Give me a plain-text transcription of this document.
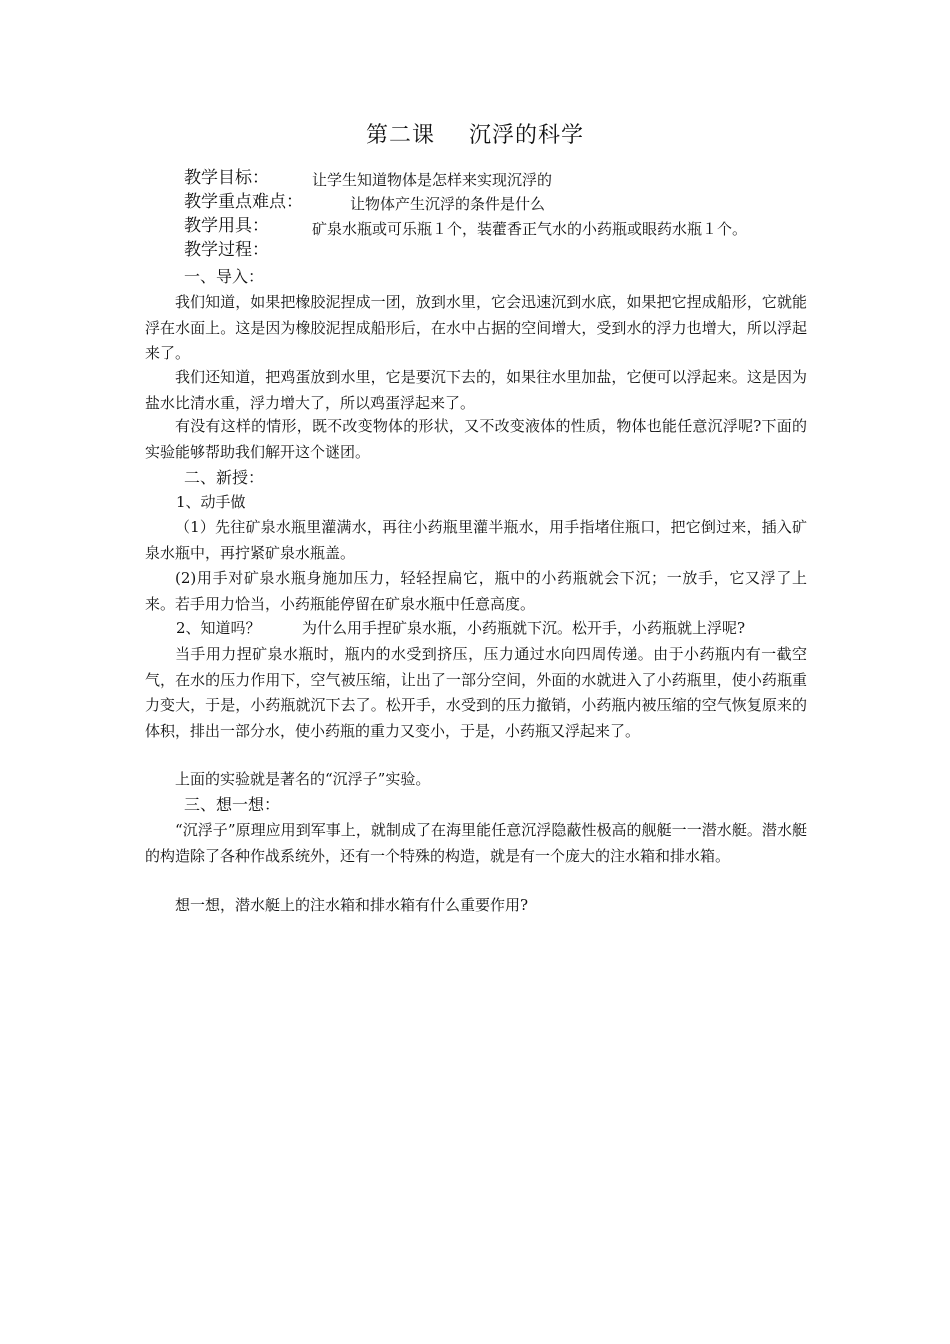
第二课 沉浮的科学
教学目标：	让学生知道物体是怎样来实现沉浮的
教学重点难点：	让物体产生沉浮的条件是什么
教学用具：	矿泉水瓶或可乐瓶１个，装藿香正气水的小药瓶或眼药水瓶１个。
教学过程：
一、导入：

我们知道，如果把橡胶泥捏成一团，放到水里，它会迅速沉到水底，如果把它捏成船形，它就能浮在水面上。这是因为橡胶泥捏成船形后，在水中占据的空间增大，受到水的浮力也增大，所以浮起来了。

我们还知道，把鸡蛋放到水里，它是要沉下去的，如果往水里加盐，它便可以浮起来。这是因为盐水比清水重，浮力增大了，所以鸡蛋浮起来了。

有没有这样的情形，既不改变物体的形状，又不改变液体的性质，物体也能任意沉浮呢?下面的实验能够帮助我们解开这个谜团。

二、新授：
1、动手做

（1）先往矿泉水瓶里灌满水，再往小药瓶里灌半瓶水，用手指堵住瓶口，把它倒过来，插入矿泉水瓶中，再拧紧矿泉水瓶盖。

(2)用手对矿泉水瓶身施加压力，轻轻捏扁它，瓶中的小药瓶就会下沉；一放手，它又浮了上来。若手用力恰当，小药瓶能停留在矿泉水瓶中任意高度。

2、知道吗？	为什么用手捏矿泉水瓶，小药瓶就下沉。松开手，小药瓶就上浮呢?

当手用力捏矿泉水瓶时，瓶内的水受到挤压，压力通过水向四周传递。由于小药瓶内有一截空气，在水的压力作用下，空气被压缩，让出了一部分空间，外面的水就进入了小药瓶里，使小药瓶重力变大，于是，小药瓶就沉下去了。松开手，水受到的压力撤销，小药瓶内被压缩的空气恢复原来的体积，排出一部分水，使小药瓶的重力又变小，于是，小药瓶又浮起来了。

上面的实验就是著名的“沉浮子”实验。

三、想一想：

“沉浮子”原理应用到军事上，就制成了在海里能任意沉浮隐蔽性极高的舰艇一一潜水艇。潜水艇的构造除了各种作战系统外，还有一个特殊的构造，就是有一个庞大的注水箱和排水箱。

想一想，潜水艇上的注水箱和排水箱有什么重要作用?
